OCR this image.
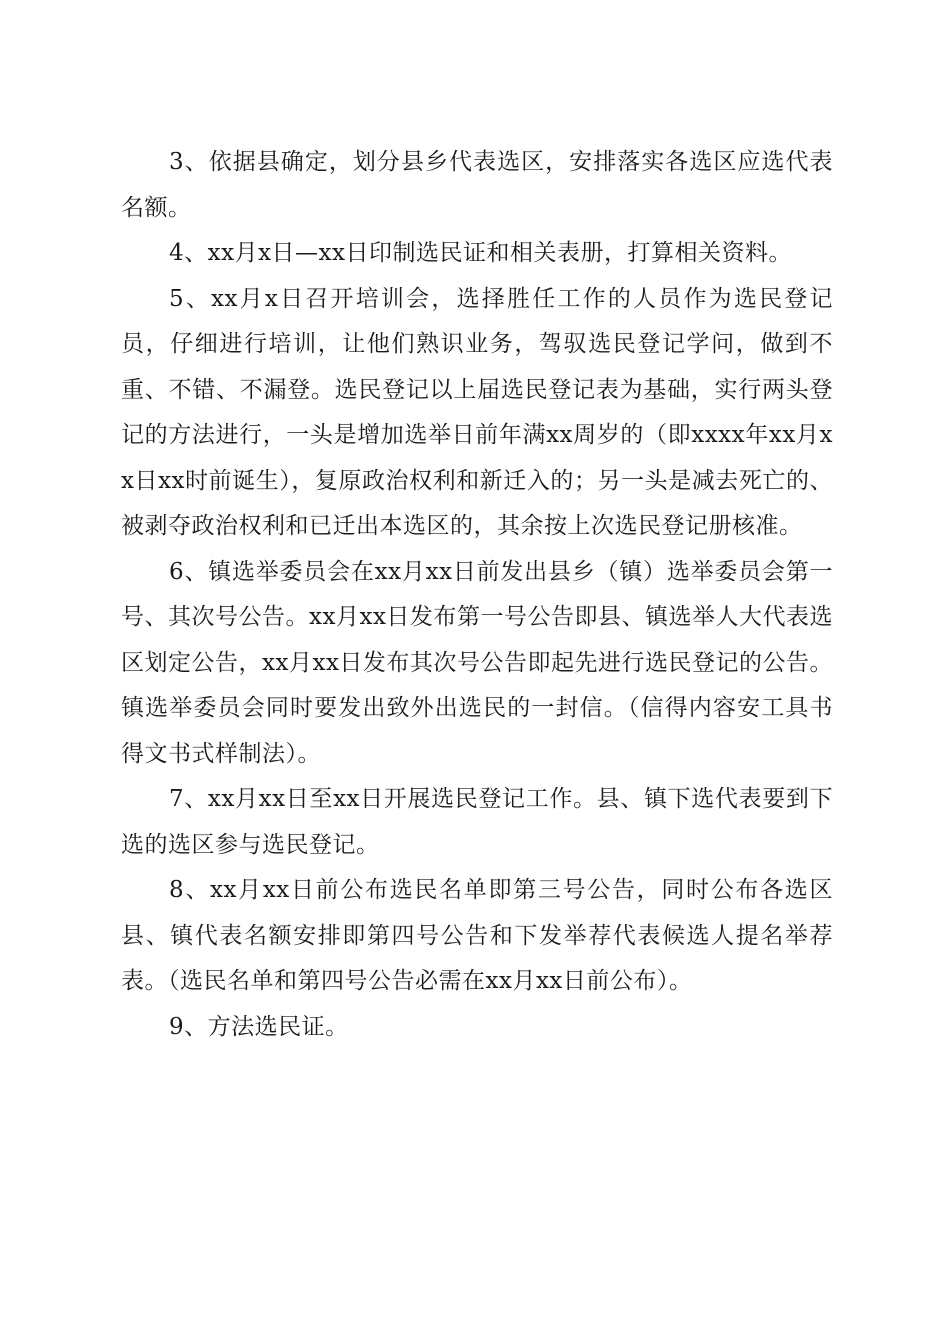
3、依据县确定，划分县乡代表选区，安排落实各选区应选代表名额。

4、xx月x日—xx日印制选民证和相关表册，打算相关资料。

5、xx月x日召开培训会，选择胜任工作的人员作为选民登记员，仔细进行培训，让他们熟识业务，驾驭选民登记学问，做到不重、不错、不漏登。选民登记以上届选民登记表为基础，实行两头登记的方法进行，一头是增加选举日前年满xx周岁的（即xxxx年xx月xx日xx时前诞生），复原政治权利和新迁入的；另一头是减去死亡的、被剥夺政治权利和已迁出本选区的，其余按上次选民登记册核准。

6、镇选举委员会在xx月xx日前发出县乡（镇）选举委员会第一号、其次号公告。xx月xx日发布第一号公告即县、镇选举人大代表选区划定公告，xx月xx日发布其次号公告即起先进行选民登记的公告。镇选举委员会同时要发出致外出选民的一封信。（信得内容安工具书得文书式样制法）。

7、xx月xx日至xx日开展选民登记工作。县、镇下选代表要到下选的选区参与选民登记。

8、xx月xx日前公布选民名单即第三号公告，同时公布各选区县、镇代表名额安排即第四号公告和下发举荐代表候选人提名举荐表。（选民名单和第四号公告必需在xx月xx日前公布）。

9、方法选民证。
